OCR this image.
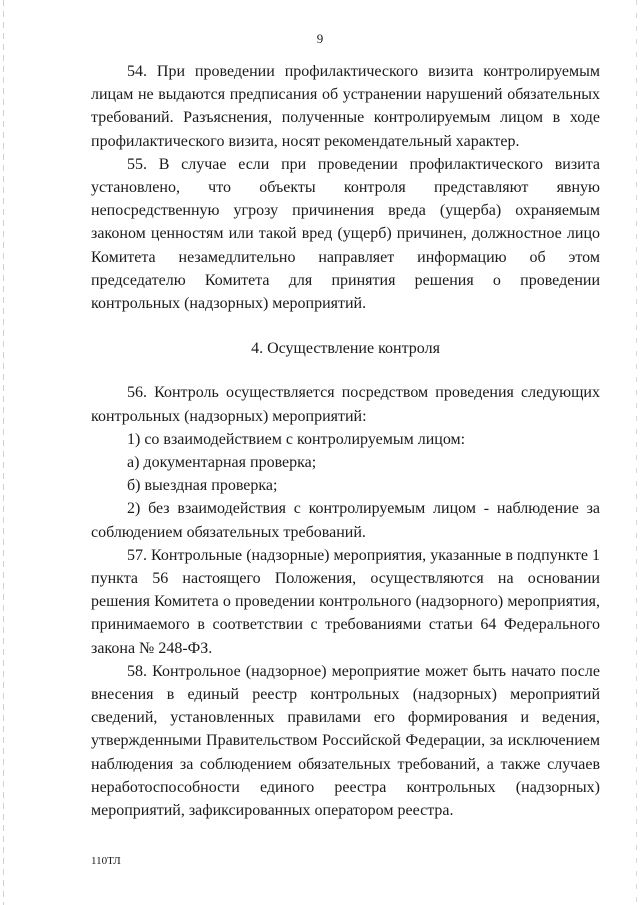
9

54. При проведении профилактического визита контролируемым лицам не выдаются предписания об устранении нарушений обязательных требований. Разъяснения, полученные контролируемым лицом в ходе профилактического визита, носят рекомендательный характер.

55. В случае если при проведении профилактического визита установлено, что объекты контроля представляют явную непосредственную угрозу причинения вреда (ущерба) охраняемым законом ценностям или такой вред (ущерб) причинен, должностное лицо Комитета незамедлительно направляет информацию об этом председателю Комитета для принятия решения о проведении контрольных (надзорных) мероприятий.

4. Осуществление контроля

56. Контроль осуществляется посредством проведения следующих контрольных (надзорных) мероприятий:

1) со взаимодействием с контролируемым лицом:

а) документарная проверка;

б) выездная проверка;

2) без взаимодействия с контролируемым лицом - наблюдение за соблюдением обязательных требований.

57. Контрольные (надзорные) мероприятия, указанные в подпункте 1 пункта 56 настоящего Положения, осуществляются на основании решения Комитета о проведении контрольного (надзорного) мероприятия, принимаемого в соответствии с требованиями статьи 64 Федерального закона № 248-ФЗ.

58. Контрольное (надзорное) мероприятие может быть начато после внесения в единый реестр контрольных (надзорных) мероприятий сведений, установленных правилами его формирования и ведения, утвержденными Правительством Российской Федерации, за исключением наблюдения за соблюдением обязательных требований, а также случаев неработоспособности единого реестра контрольных (надзорных) мероприятий, зафиксированных оператором реестра.

110ТЛ
